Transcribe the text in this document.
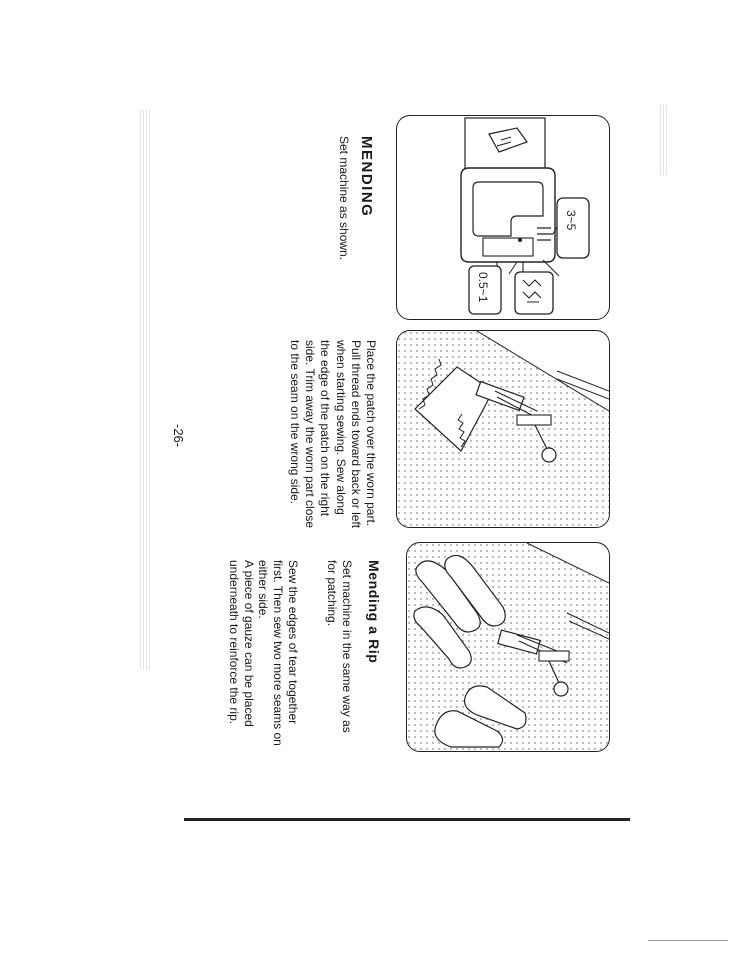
MENDING
Set machine as shown.	3~5
0.5~1
Place the patch over the worn part. Pull thread ends toward back or left when starting sewing. Sew along the edge of the patch on the right side. Trim away the worn part close to the seam on the wrong side.
Mending a Rip
Set machine in the same way as for patching.
Sew the edges of tear together first. Then sew two more seams on either side.
A piece of gauze can be placed underneath to reinforce the rip.
-26-
